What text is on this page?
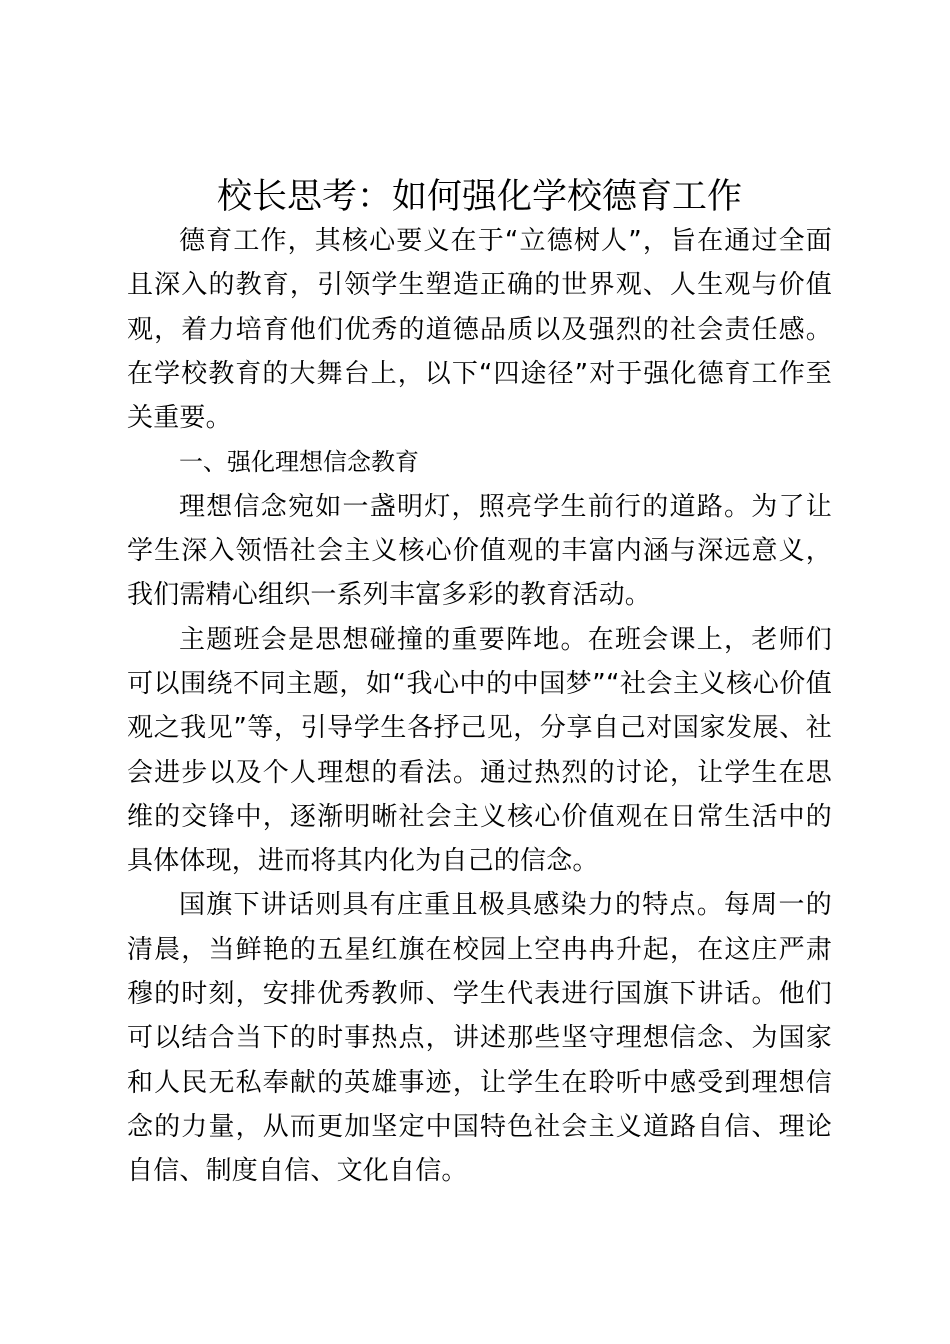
校长思考：如何强化学校德育工作

德育工作，其核心要义在于“立德树人”，旨在通过全面且深入的教育，引领学生塑造正确的世界观、人生观与价值观，着力培育他们优秀的道德品质以及强烈的社会责任感。在学校教育的大舞台上，以下“四途径”对于强化德育工作至关重要。

一、强化理想信念教育

理想信念宛如一盏明灯，照亮学生前行的道路。为了让学生深入领悟社会主义核心价值观的丰富内涵与深远意义，我们需精心组织一系列丰富多彩的教育活动。

主题班会是思想碰撞的重要阵地。在班会课上，老师们可以围绕不同主题，如“我心中的中国梦”“社会主义核心价值观之我见”等，引导学生各抒己见，分享自己对国家发展、社会进步以及个人理想的看法。通过热烈的讨论，让学生在思维的交锋中，逐渐明晰社会主义核心价值观在日常生活中的具体体现，进而将其内化为自己的信念。

国旗下讲话则具有庄重且极具感染力的特点。每周一的清晨，当鲜艳的五星红旗在校园上空冉冉升起，在这庄严肃穆的时刻，安排优秀教师、学生代表进行国旗下讲话。他们可以结合当下的时事热点，讲述那些坚守理想信念、为国家和人民无私奉献的英雄事迹，让学生在聆听中感受到理想信念的力量，从而更加坚定中国特色社会主义道路自信、理论自信、制度自信、文化自信。
